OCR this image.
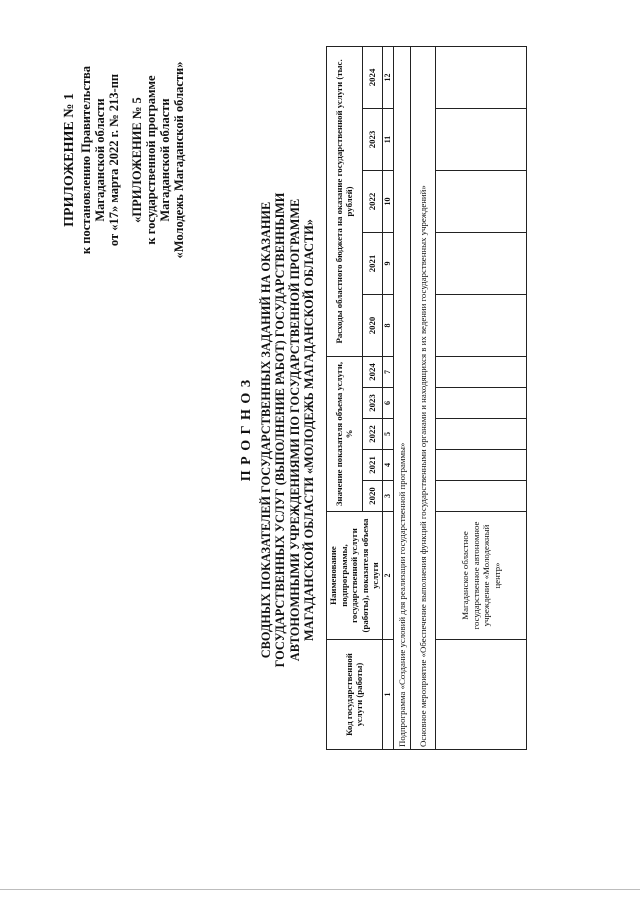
ПРИЛОЖЕНИЕ № 1 к постановлению Правительства Магаданской области от «17» марта 2022 г. № 213-пп «ПРИЛОЖЕНИЕ № 5 к государственной программе Магаданской области «Молодежь Магаданской области»
П Р О Г Н О З СВОДНЫХ ПОКАЗАТЕЛЕЙ ГОСУДАРСТВЕННЫХ ЗАДАНИЙ НА ОКАЗАНИЕ ГОСУДАРСТВЕННЫХ УСЛУГ (ВЫПОЛНЕНИЕ РАБОТ) ГОСУДАРСТВЕННЫМИ АВТОНОМНЫМИ УЧРЕЖДЕНИЯМИ ПО ГОСУДАРСТВЕННОЙ ПРОГРАММЕ МАГАДАНСКОЙ ОБЛАСТИ «МОЛОДЕЖЬ МАГАДАНСКОЙ ОБЛАСТИ»
Код государственной услуги (работы)	Наименование подпрограммы, государственной услуги (работы), показателя объема услуги	Значение показателя объема услуги, %					Расходы областного бюджета на оказание государственной услуги (тыс. рублей)				
		2020	2021	2022	2023	2024	2020	2021	2022	2023	2024
1	2	3	4	5	6	7	8	9	10	11	12
Подпрограмма «Создание условий для реализации государственной программы»											
Основное мероприятие «Обеспечение выполнения функций государственными органами и находящихся в их ведении государственных учреждений»											
	Магаданское областное государственное автономное учреждение «Молодежный центр»										
